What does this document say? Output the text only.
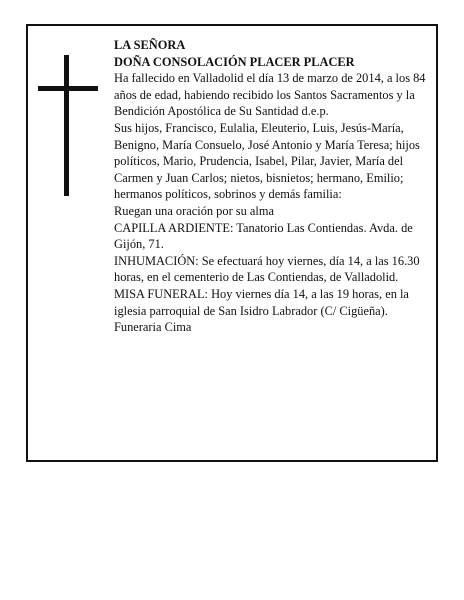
LA SEÑORA

DOÑA CONSOLACIÓN PLACER PLACER

Ha fallecido en Valladolid el día 13 de marzo de 2014, a los 84 años de edad, habiendo recibido los Santos Sacramentos y la Bendición Apostólica de Su Santidad d.e.p.

Sus hijos, Francisco, Eulalia, Eleuterio, Luis, Jesús-María, Benigno, María Consuelo, José Antonio y María Teresa; hijos políticos, Mario, Prudencia, Isabel, Pilar, Javier, María del Carmen y Juan Carlos; nietos, bisnietos; hermano, Emilio; hermanos políticos, sobrinos y demás familia:

Ruegan una oración por su alma

CAPILLA ARDIENTE: Tanatorio Las Contiendas. Avda. de Gijón, 71.

INHUMACIÓN: Se efectuará hoy viernes, día 14, a las 16.30 horas, en el cementerio de Las Contiendas, de Valladolid.

MISA FUNERAL: Hoy viernes día 14, a las 19 horas, en la iglesia parroquial de San Isidro Labrador (C/ Cigüeña).

Funeraria Cima
